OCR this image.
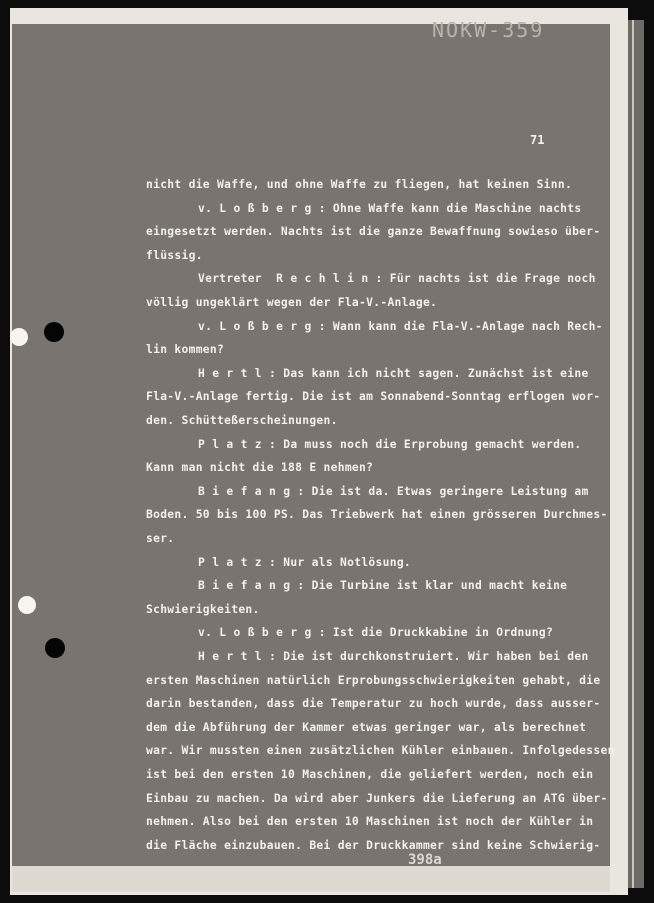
NOKW-359
71
nicht die Waffe, und ohne Waffe zu fliegen, hat keinen Sinn.
v. L o ß b e r g : Ohne Waffe kann die Maschine nachts
eingesetzt werden. Nachts ist die ganze Bewaffnung sowieso über-
flüssig.
Vertreter  R e c h l i n : Für nachts ist die Frage noch
völlig ungeklärt wegen der Fla-V.-Anlage.
v. L o ß b e r g : Wann kann die Fla-V.-Anlage nach Rech-
lin kommen?
H e r t l : Das kann ich nicht sagen. Zunächst ist eine
Fla-V.-Anlage fertig. Die ist am Sonnabend-Sonntag erflogen wor-
den. Schütteßerscheinungen.
P l a t z : Da muss noch die Erprobung gemacht werden.
Kann man nicht die 188 E nehmen?
B i e f a n g : Die ist da. Etwas geringere Leistung am
Boden. 50 bis 100 PS. Das Triebwerk hat einen grösseren Durchmes-
ser.
P l a t z : Nur als Notlösung.
B i e f a n g : Die Turbine ist klar und macht keine
Schwierigkeiten.
v. L o ß b e r g : Ist die Druckkabine in Ordnung?
H e r t l : Die ist durchkonstruiert. Wir haben bei den
ersten Maschinen natürlich Erprobungsschwierigkeiten gehabt, die
darin bestanden, dass die Temperatur zu hoch wurde, dass ausser-
dem die Abführung der Kammer etwas geringer war, als berechnet
war. Wir mussten einen zusätzlichen Kühler einbauen. Infolgedessen
ist bei den ersten 10 Maschinen, die geliefert werden, noch ein
Einbau zu machen. Da wird aber Junkers die Lieferung an ATG über-
nehmen. Also bei den ersten 10 Maschinen ist noch der Kühler in
die Fläche einzubauen. Bei der Druckkammer sind keine Schwierig-
398a
